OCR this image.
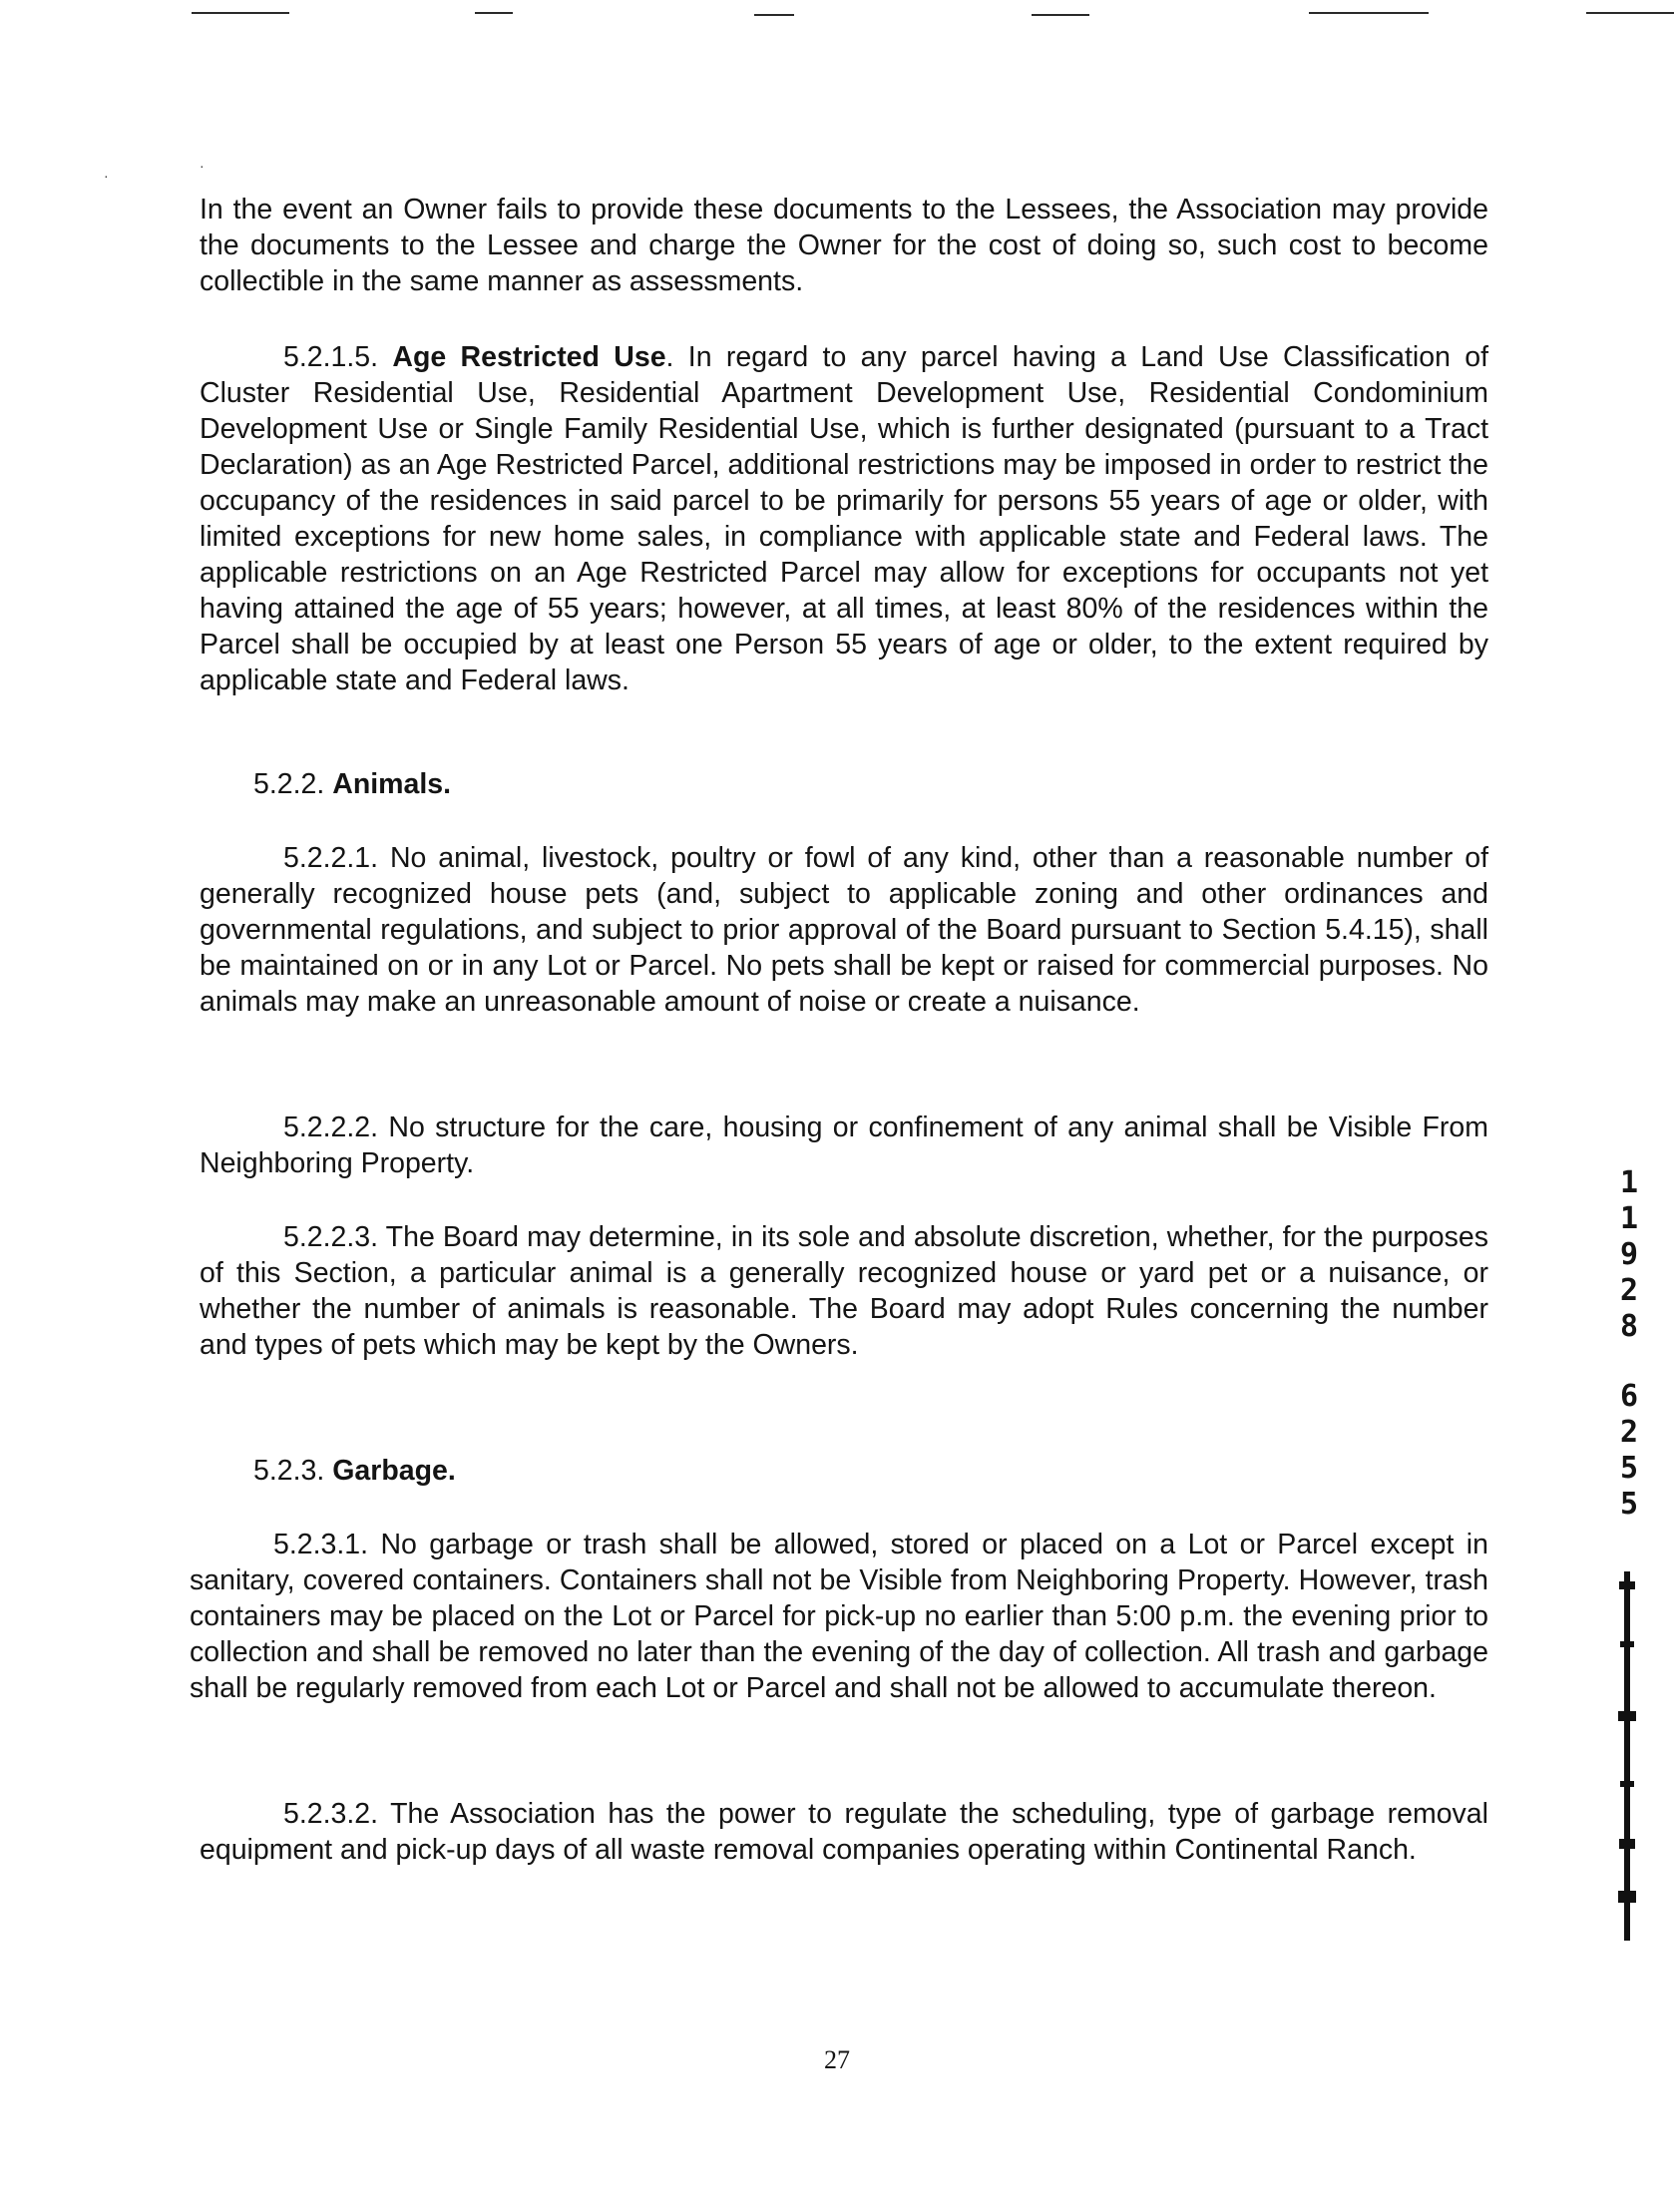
·
·

In the event an Owner fails to provide these documents to the Lessees, the Association may provide the documents to the Lessee and charge the Owner for the cost of doing so, such cost to become collectible in the same manner as assessments.

5.2.1.5. Age Restricted Use. In regard to any parcel having a Land Use Classification of Cluster Residential Use, Residential Apartment Development Use, Residential Condominium Development Use or Single Family Residential Use, which is further designated (pursuant to a Tract Declaration) as an Age Restricted Parcel, additional restrictions may be imposed in order to restrict the occupancy of the residences in said parcel to be primarily for persons 55 years of age or older, with limited exceptions for new home sales, in compliance with applicable state and Federal laws. The applicable restrictions on an Age Restricted Parcel may allow for exceptions for occupants not yet having attained the age of 55 years; however, at all times, at least 80% of the residences within the Parcel shall be occupied by at least one Person 55 years of age or older, to the extent required by applicable state and Federal laws.

5.2.2. Animals.

5.2.2.1. No animal, livestock, poultry or fowl of any kind, other than a reasonable number of generally recognized house pets (and, subject to applicable zoning and other ordinances and governmental regulations, and subject to prior approval of the Board pursuant to Section 5.4.15), shall be maintained on or in any Lot or Parcel. No pets shall be kept or raised for commercial purposes. No animals may make an unreasonable amount of noise or create a nuisance.

5.2.2.2. No structure for the care, housing or confinement of any animal shall be Visible From Neighboring Property.

5.2.2.3. The Board may determine, in its sole and absolute discretion, whether, for the purposes of this Section, a particular animal is a generally recognized house or yard pet or a nuisance, or whether the number of animals is reasonable. The Board may adopt Rules concerning the number and types of pets which may be kept by the Owners.

5.2.3. Garbage.

5.2.3.1. No garbage or trash shall be allowed, stored or placed on a Lot or Parcel except in sanitary, covered containers. Containers shall not be Visible from Neighboring Property. However, trash containers may be placed on the Lot or Parcel for pick-up no earlier than 5:00 p.m. the evening prior to collection and shall be removed no later than the evening of the day of collection. All trash and garbage shall be regularly removed from each Lot or Parcel and shall not be allowed to accumulate thereon.

5.2.3.2. The Association has the power to regulate the scheduling, type of garbage removal equipment and pick-up days of all waste removal companies operating within Continental Ranch.

27
1
1
9
2
8
6
2
5
5
